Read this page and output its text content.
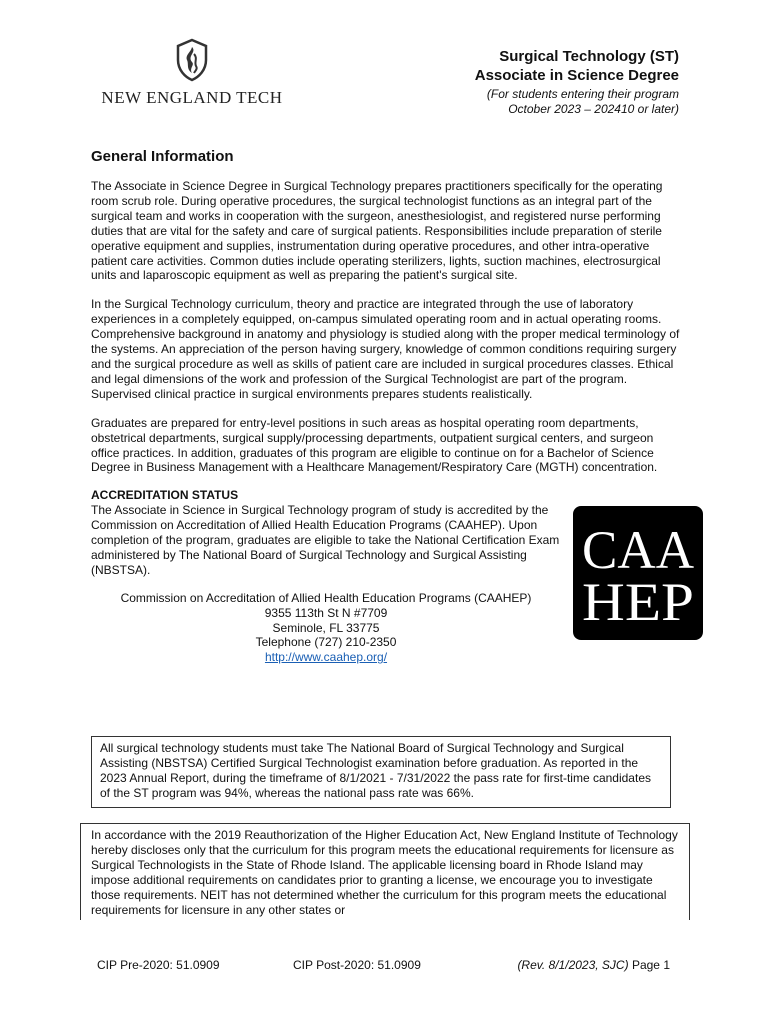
NEW ENGLAND TECH
Surgical Technology (ST)
Associate in Science Degree
(For students entering their program
October 2023 – 202410 or later)
General Information

The Associate in Science Degree in Surgical Technology prepares practitioners specifically for the operating room scrub role. During operative procedures, the surgical technologist functions as an integral part of the surgical team and works in cooperation with the surgeon, anesthesiologist, and registered nurse performing duties that are vital for the safety and care of surgical patients. Responsibilities include preparation of sterile operative equipment and supplies, instrumentation during operative procedures, and other intra-operative patient care activities. Common duties include operating sterilizers, lights, suction machines, electrosurgical units and laparoscopic equipment as well as preparing the patient's surgical site.

In the Surgical Technology curriculum, theory and practice are integrated through the use of laboratory experiences in a completely equipped, on-campus simulated operating room and in actual operating rooms. Comprehensive background in anatomy and physiology is studied along with the proper medical terminology of the systems. An appreciation of the person having surgery, knowledge of common conditions requiring surgery and the surgical procedure as well as skills of patient care are included in surgical procedures classes. Ethical and legal dimensions of the work and profession of the Surgical Technologist are part of the program. Supervised clinical practice in surgical environments prepares students realistically.

Graduates are prepared for entry-level positions in such areas as hospital operating room departments, obstetrical departments, surgical supply/processing departments, outpatient surgical centers, and surgeon office practices. In addition, graduates of this program are eligible to continue on for a Bachelor of Science Degree in Business Management with a Healthcare Management/Respiratory Care (MGTH) concentration.

ACCREDITATION STATUS

The Associate in Science in Surgical Technology program of study is accredited by the Commission on Accreditation of Allied Health Education Programs (CAAHEP). Upon completion of the program, graduates are eligible to take the National Certification Exam administered by The National Board of Surgical Technology and Surgical Assisting (NBSTSA).	CAA
HEP
Commission on Accreditation of Allied Health Education Programs (CAAHEP)
9355 113th St N #7709
Seminole, FL 33775
Telephone (727) 210-2350
http://www.caahep.org/
All surgical technology students must take The National Board of Surgical Technology and Surgical Assisting (NBSTSA) Certified Surgical Technologist examination before graduation. As reported in the 2023 Annual Report, during the timeframe of 8/1/2021 - 7/31/2022 the pass rate for first-time candidates of the ST program was 94%, whereas the national pass rate was 66%.
In accordance with the 2019 Reauthorization of the Higher Education Act, New England Institute of Technology hereby discloses only that the curriculum for this program meets the educational requirements for licensure as Surgical Technologists in the State of Rhode Island. The applicable licensing board in Rhode Island may impose additional requirements on candidates prior to granting a license, we encourage you to investigate those requirements. NEIT has not determined whether the curriculum for this program meets the educational requirements for licensure in any other states or
CIP Pre-2020: 51.0909	CIP Post-2020: 51.0909	(Rev. 8/1/2023, SJC) Page 1
